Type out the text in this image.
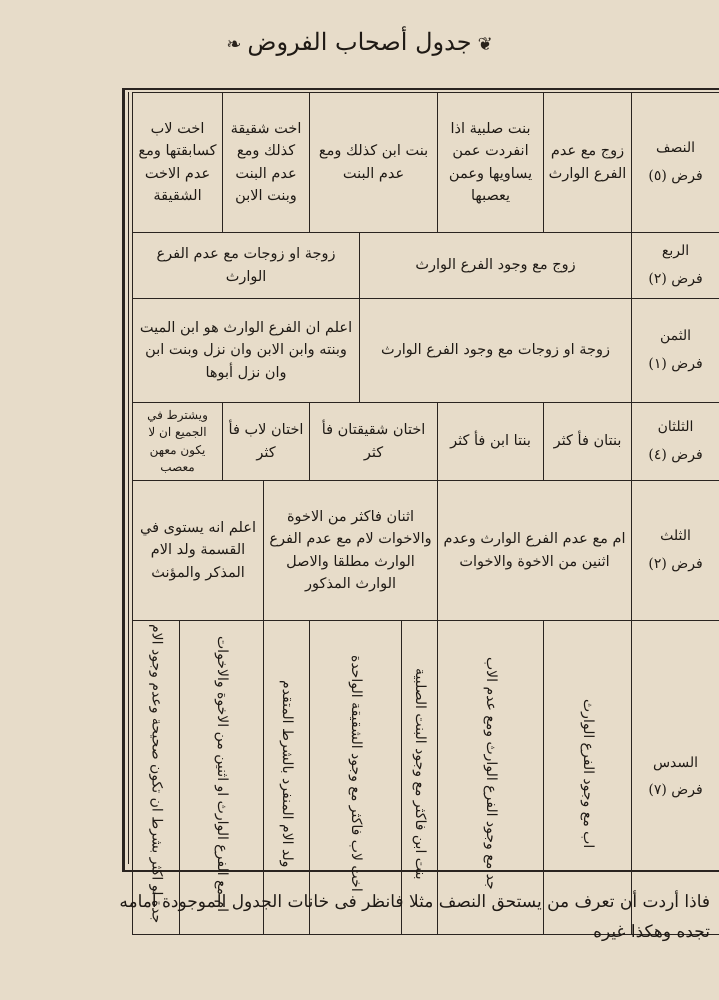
❦جدول أصحاب الفروض❧
النصف
فرض (٥)	زوج مع عدم الفرع الوارث	بنت صلبية اذا انفردت عمن يساويها وعمن يعصبها	بنت ابن كذلك ومع عدم البنت			اخت شقيقة كذلك ومع عدم البنت وبنت الابن		اخت لاب كسابقتها ومع عدم الاخت الشقيقة	

الربع
فرض (٢)	زوج مع وجود الفرع الوارث				زوجة او زوجات مع عدم الفرع الوارث				

الثمن
فرض (١)	زوجة او زوجات مع وجود الفرع الوارث				اعلم ان الفرع الوارث هو ابن الميت وبنته وابن الابن وان نزل وبنت ابن وان نزل أبوها				

الثلثان
فرض (٤)	بنتان فأ كثر	بنتا ابن فأ كثر	اختان شقيقتان فأ كثر			اختان لاب فأ كثر		ويشترط في الجميع ان لا يكون معهن معصب	

الثلث
فرض (٢)	ام مع عدم الفرع الوارث وعدم اثنين من الاخوة والاخوات		اثنان فاكثر من الاخوة والاخوات لام مع عدم الفرع الوارث مطلقا والاصل الوارث المذكور				اعلم انه يستوى في القسمة ولد الام المذكر والمؤنث		

السدس
فرض (٧)	اب مع وجود الفرع الوارث	جد مع وجود الفرع الوارث ومع عدم الاب	بنت ابن فاكثر مع وجود البنت الصلبية	اخت لاب فاكثر مع وجود الشقيقة الواحدة		ولد الام المنفرد بالشرط المتقدم	ام مع الفرع الوارث او اثنين من الاخوة والاخوات		جدة او اكثر بشرط ان تكون صحيحة وعدم وجود الام
فاذا أردت أن تعرف من يستحق النصف مثلا فانظر فى خانات الجدول الموجودة أمامه تجده وهكذا غيره
